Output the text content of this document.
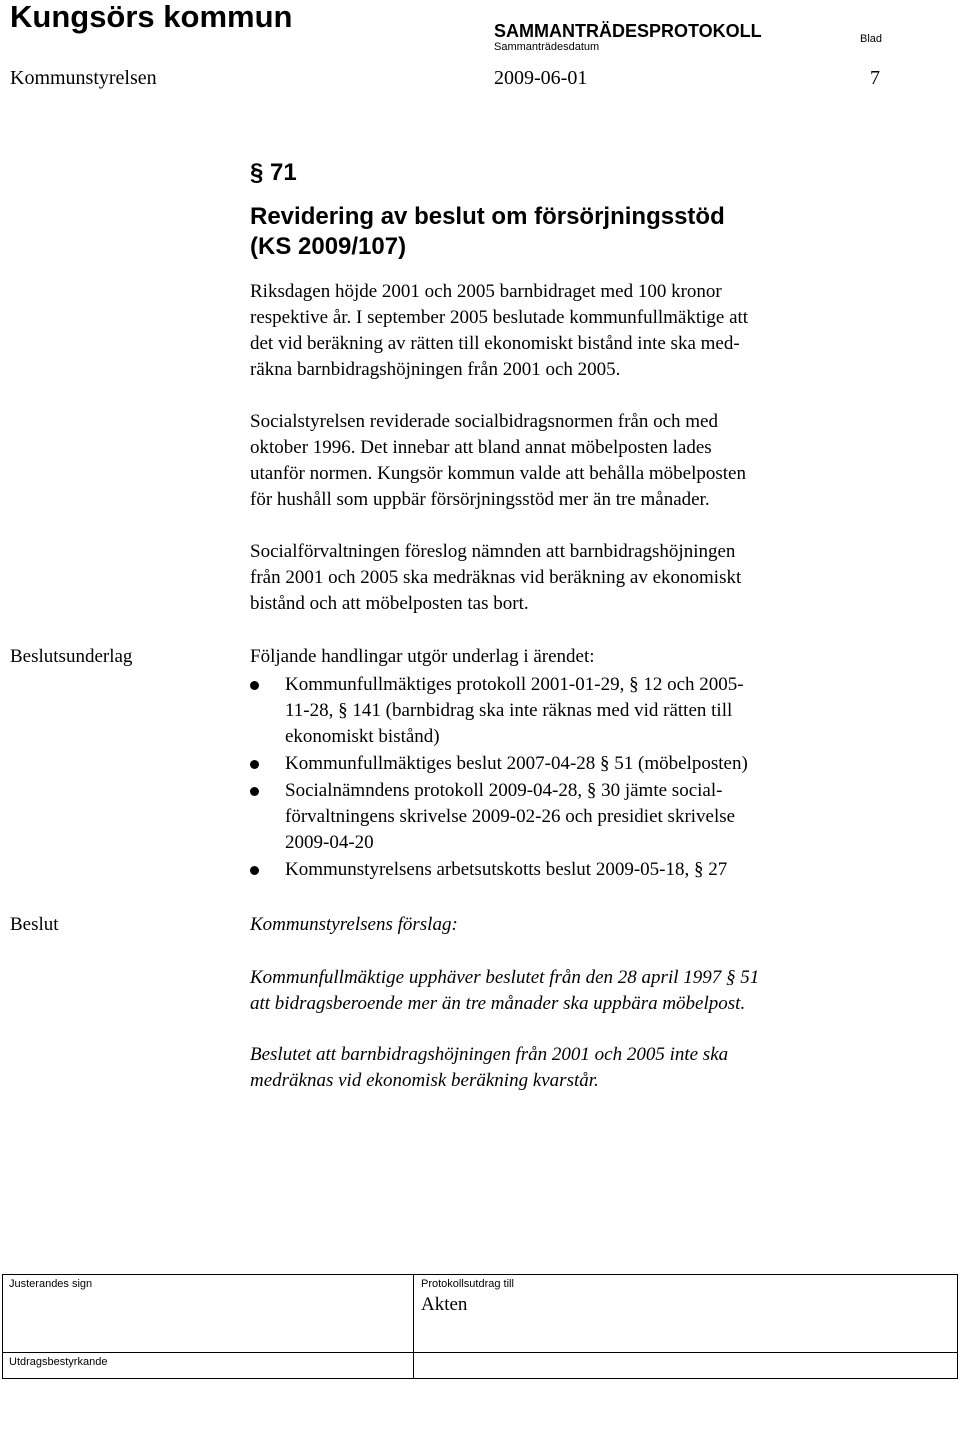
Kungsörs kommun	SAMMANTRÄDESPROTOKOLL
Sammanträdesdatum
Blad
Kommunstyrelsen	2009-06-01	7
§ 71
Revidering av beslut om försörjningsstöd
(KS 2009/107)
Riksdagen höjde 2001 och 2005 barnbidraget med 100 kronor
respektive år. I september 2005 beslutade kommunfullmäktige att
det vid beräkning av rätten till ekonomiskt bistånd inte ska med-
räkna barnbidragshöjningen från 2001 och 2005.
Socialstyrelsen reviderade socialbidragsnormen från och med
oktober 1996. Det innebar att bland annat möbelposten lades
utanför normen. Kungsör kommun valde att behålla möbelposten
för hushåll som uppbär försörjningsstöd mer än tre månader.
Socialförvaltningen föreslog nämnden att barnbidragshöjningen
från 2001 och 2005 ska medräknas vid beräkning av ekonomiskt
bistånd och att möbelposten tas bort.
Beslutsunderlag	Följande handlingar utgör underlag i ärendet:
Kommunfullmäktiges protokoll 2001-01-29, § 12 och 2005-
11-28, § 141 (barnbidrag ska inte räknas med vid rätten till
ekonomiskt bistånd)
Kommunfullmäktiges beslut 2007-04-28 § 51 (möbelposten)
Socialnämndens protokoll 2009-04-28, § 30 jämte social-
förvaltningens skrivelse 2009-02-26 och presidiet skrivelse
2009-04-20
Kommunstyrelsens arbetsutskotts beslut 2009-05-18, § 27
Beslut	Kommunstyrelsens förslag:
Kommunfullmäktige upphäver beslutet från den 28 april 1997 § 51
att bidragsberoende mer än tre månader ska uppbära möbelpost.
Beslutet att barnbidragshöjningen från 2001 och 2005 inte ska
medräknas vid ekonomisk beräkning kvarstår.
Justerandes sign	Protokollsutdrag till
Akten
Utdragsbestyrkande
